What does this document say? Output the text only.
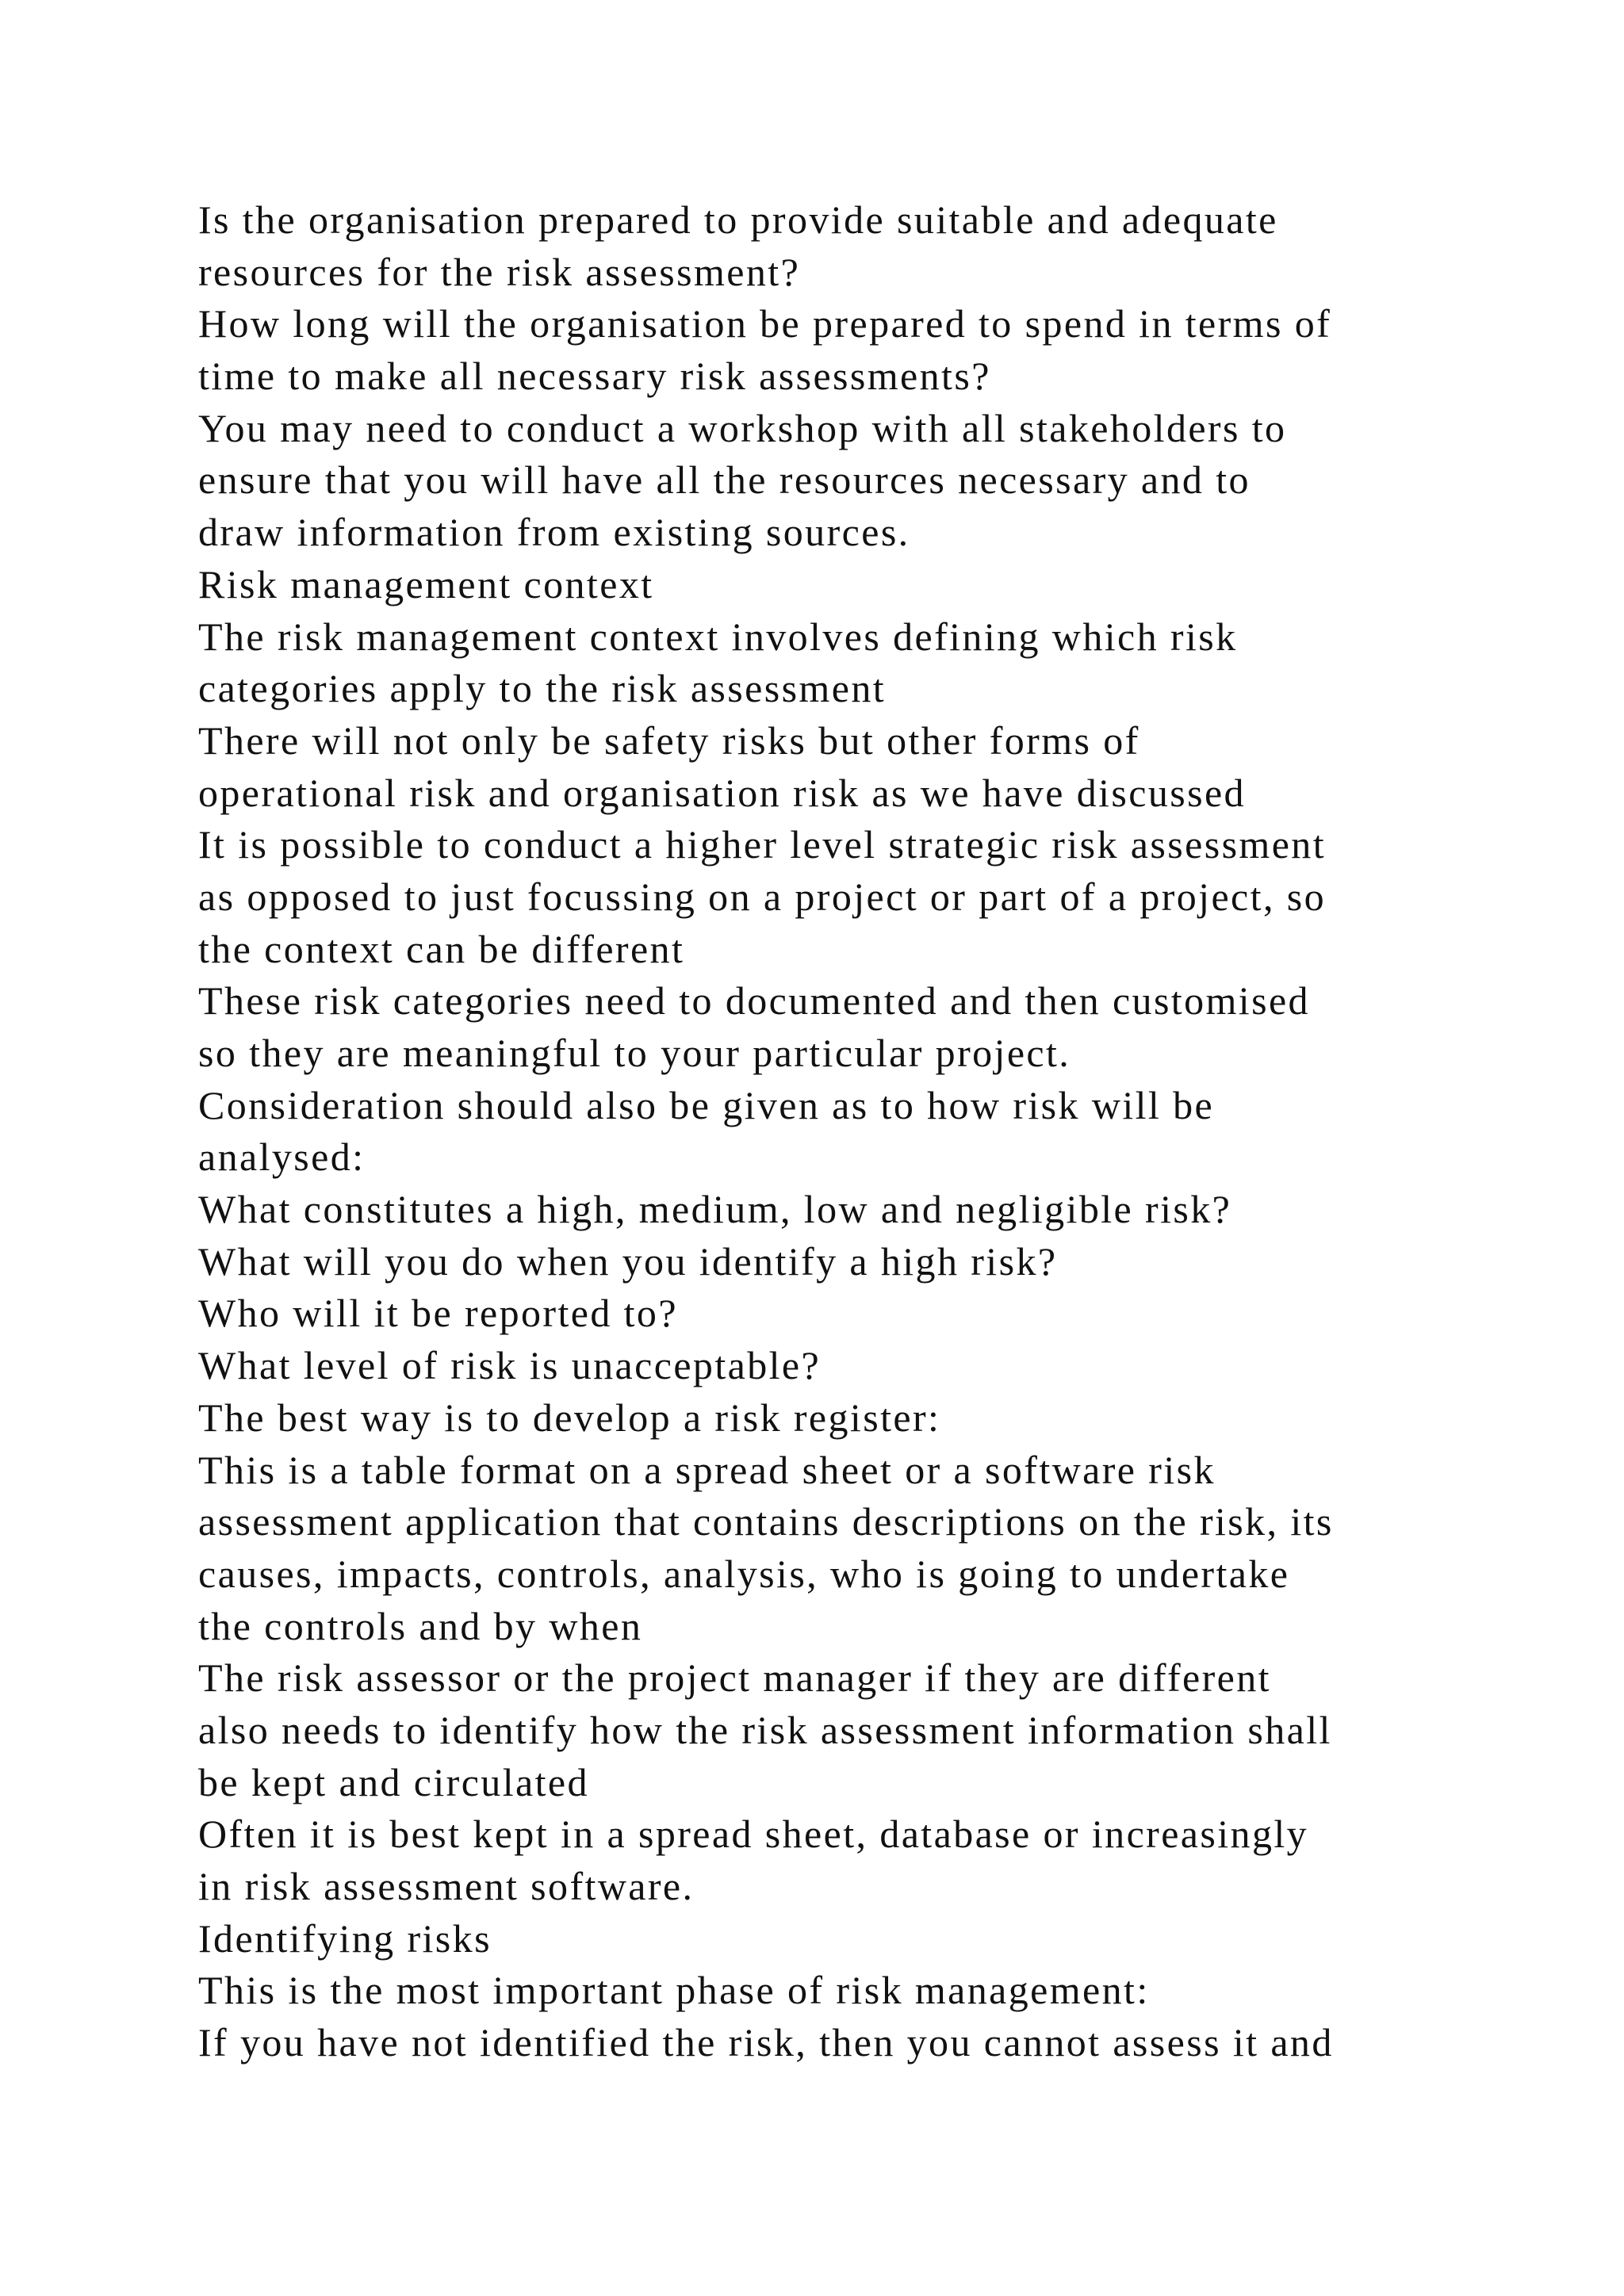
Is the organisation prepared to provide suitable and adequate
resources for the risk assessment?
How long will the organisation be prepared to spend in terms of
time to make all necessary risk assessments?
You may need to conduct a workshop with all stakeholders to
ensure that you will have all the resources necessary and to
draw information from existing sources.
Risk management context
The risk management context involves defining which risk
categories apply to the risk assessment
There will not only be safety risks but other forms of
operational risk and organisation risk as we have discussed
It is possible to conduct a higher level strategic risk assessment
as opposed to just focussing on a project or part of a project, so
the context can be different
These risk categories need to documented and then customised
so they are meaningful to your particular project.
Consideration should also be given as to how risk will be
analysed:
What constitutes a high, medium, low and negligible risk?
What will you do when you identify a high risk?
Who will it be reported to?
What level of risk is unacceptable?
The best way is to develop a risk register:
This is a table format on a spread sheet or a software risk
assessment application that contains descriptions on the risk, its
causes, impacts, controls, analysis, who is going to undertake
the controls and by when
The risk assessor or the project manager if they are different
also needs to identify how the risk assessment information shall
be kept and circulated
Often it is best kept in a spread sheet, database or increasingly
in risk assessment software.
Identifying risks
This is the most important phase of risk management:
If you have not identified the risk, then you cannot assess it and
